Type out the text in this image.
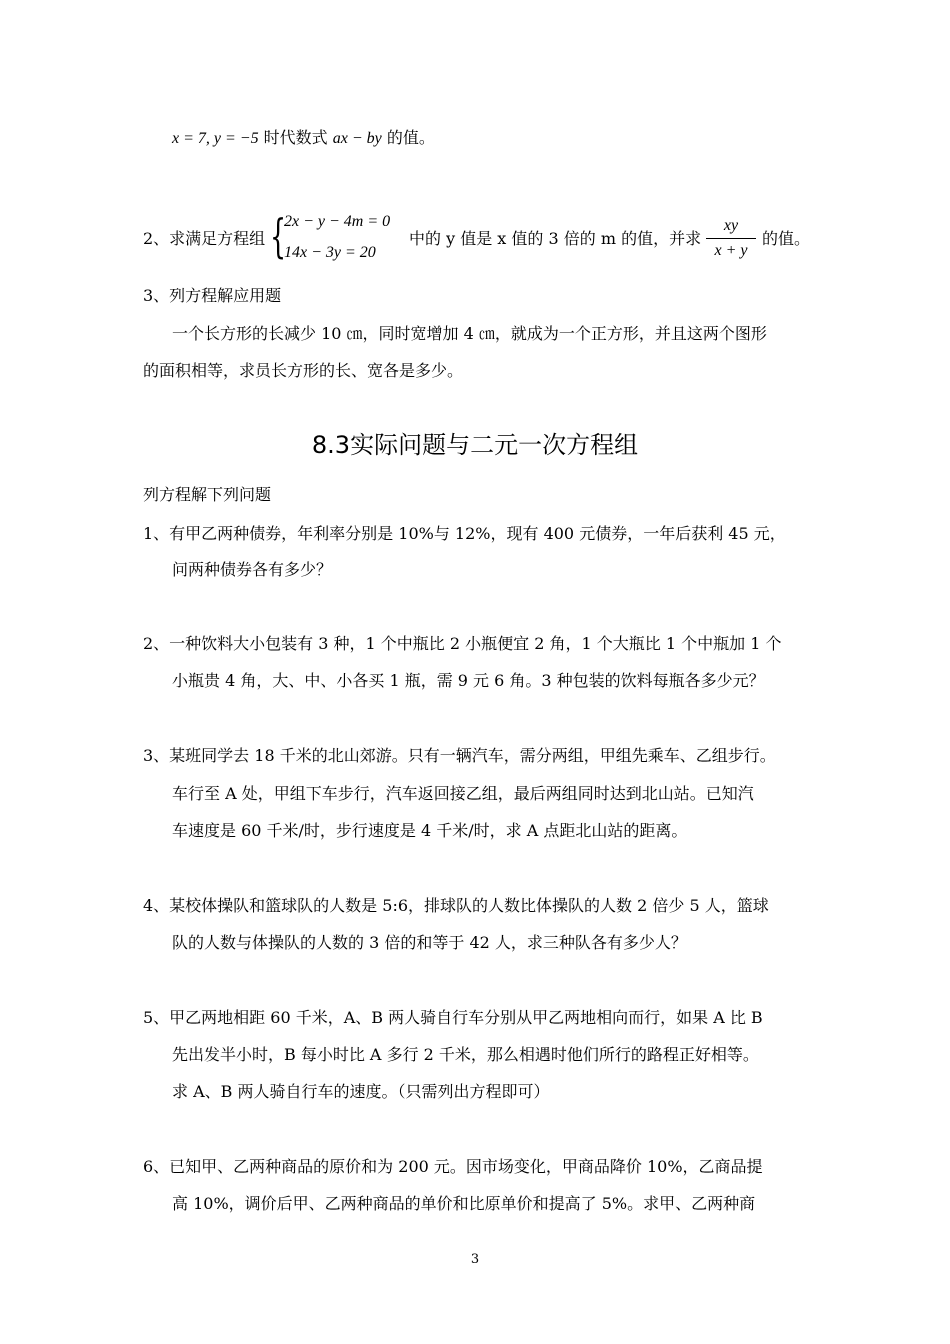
x = 7, y = −5 时代数式 ax − by 的值。
2、求满足方程组 {
2x − y − 4m = 0
14x − 3y = 20
中的 y 值是 x 值的 3 倍的 m 的值，并求
xy
x + y
的值。
3、列方程解应用题
一个长方形的长减少 10 ㎝，同时宽增加 4 ㎝，就成为一个正方形，并且这两个图形
的面积相等，求员长方形的长、宽各是多少。
8.3实际问题与二元一次方程组
列方程解下列问题
1、有甲乙两种债券，年利率分别是 10%与 12%，现有 400 元债券，一年后获利 45 元，
问两种债券各有多少？
2、一种饮料大小包装有 3 种，1 个中瓶比 2 小瓶便宜 2 角，1 个大瓶比 1 个中瓶加 1 个
小瓶贵 4 角，大、中、小各买 1 瓶，需 9 元 6 角。3 种包装的饮料每瓶各多少元？
3、某班同学去 18 千米的北山郊游。只有一辆汽车，需分两组，甲组先乘车、乙组步行。
车行至 A 处，甲组下车步行，汽车返回接乙组，最后两组同时达到北山站。已知汽
车速度是 60 千米/时，步行速度是 4 千米/时，求 A 点距北山站的距离。
4、某校体操队和篮球队的人数是 5:6，排球队的人数比体操队的人数 2 倍少 5 人，篮球
队的人数与体操队的人数的 3 倍的和等于 42 人，求三种队各有多少人？
5、甲乙两地相距 60 千米，A、B 两人骑自行车分别从甲乙两地相向而行，如果 A 比 B
先出发半小时，B 每小时比 A 多行 2 千米，那么相遇时他们所行的路程正好相等。
求 A、B 两人骑自行车的速度。（只需列出方程即可）
6、已知甲、乙两种商品的原价和为 200 元。因市场变化，甲商品降价 10%，乙商品提
高 10%，调价后甲、乙两种商品的单价和比原单价和提高了 5%。求甲、乙两种商
3
